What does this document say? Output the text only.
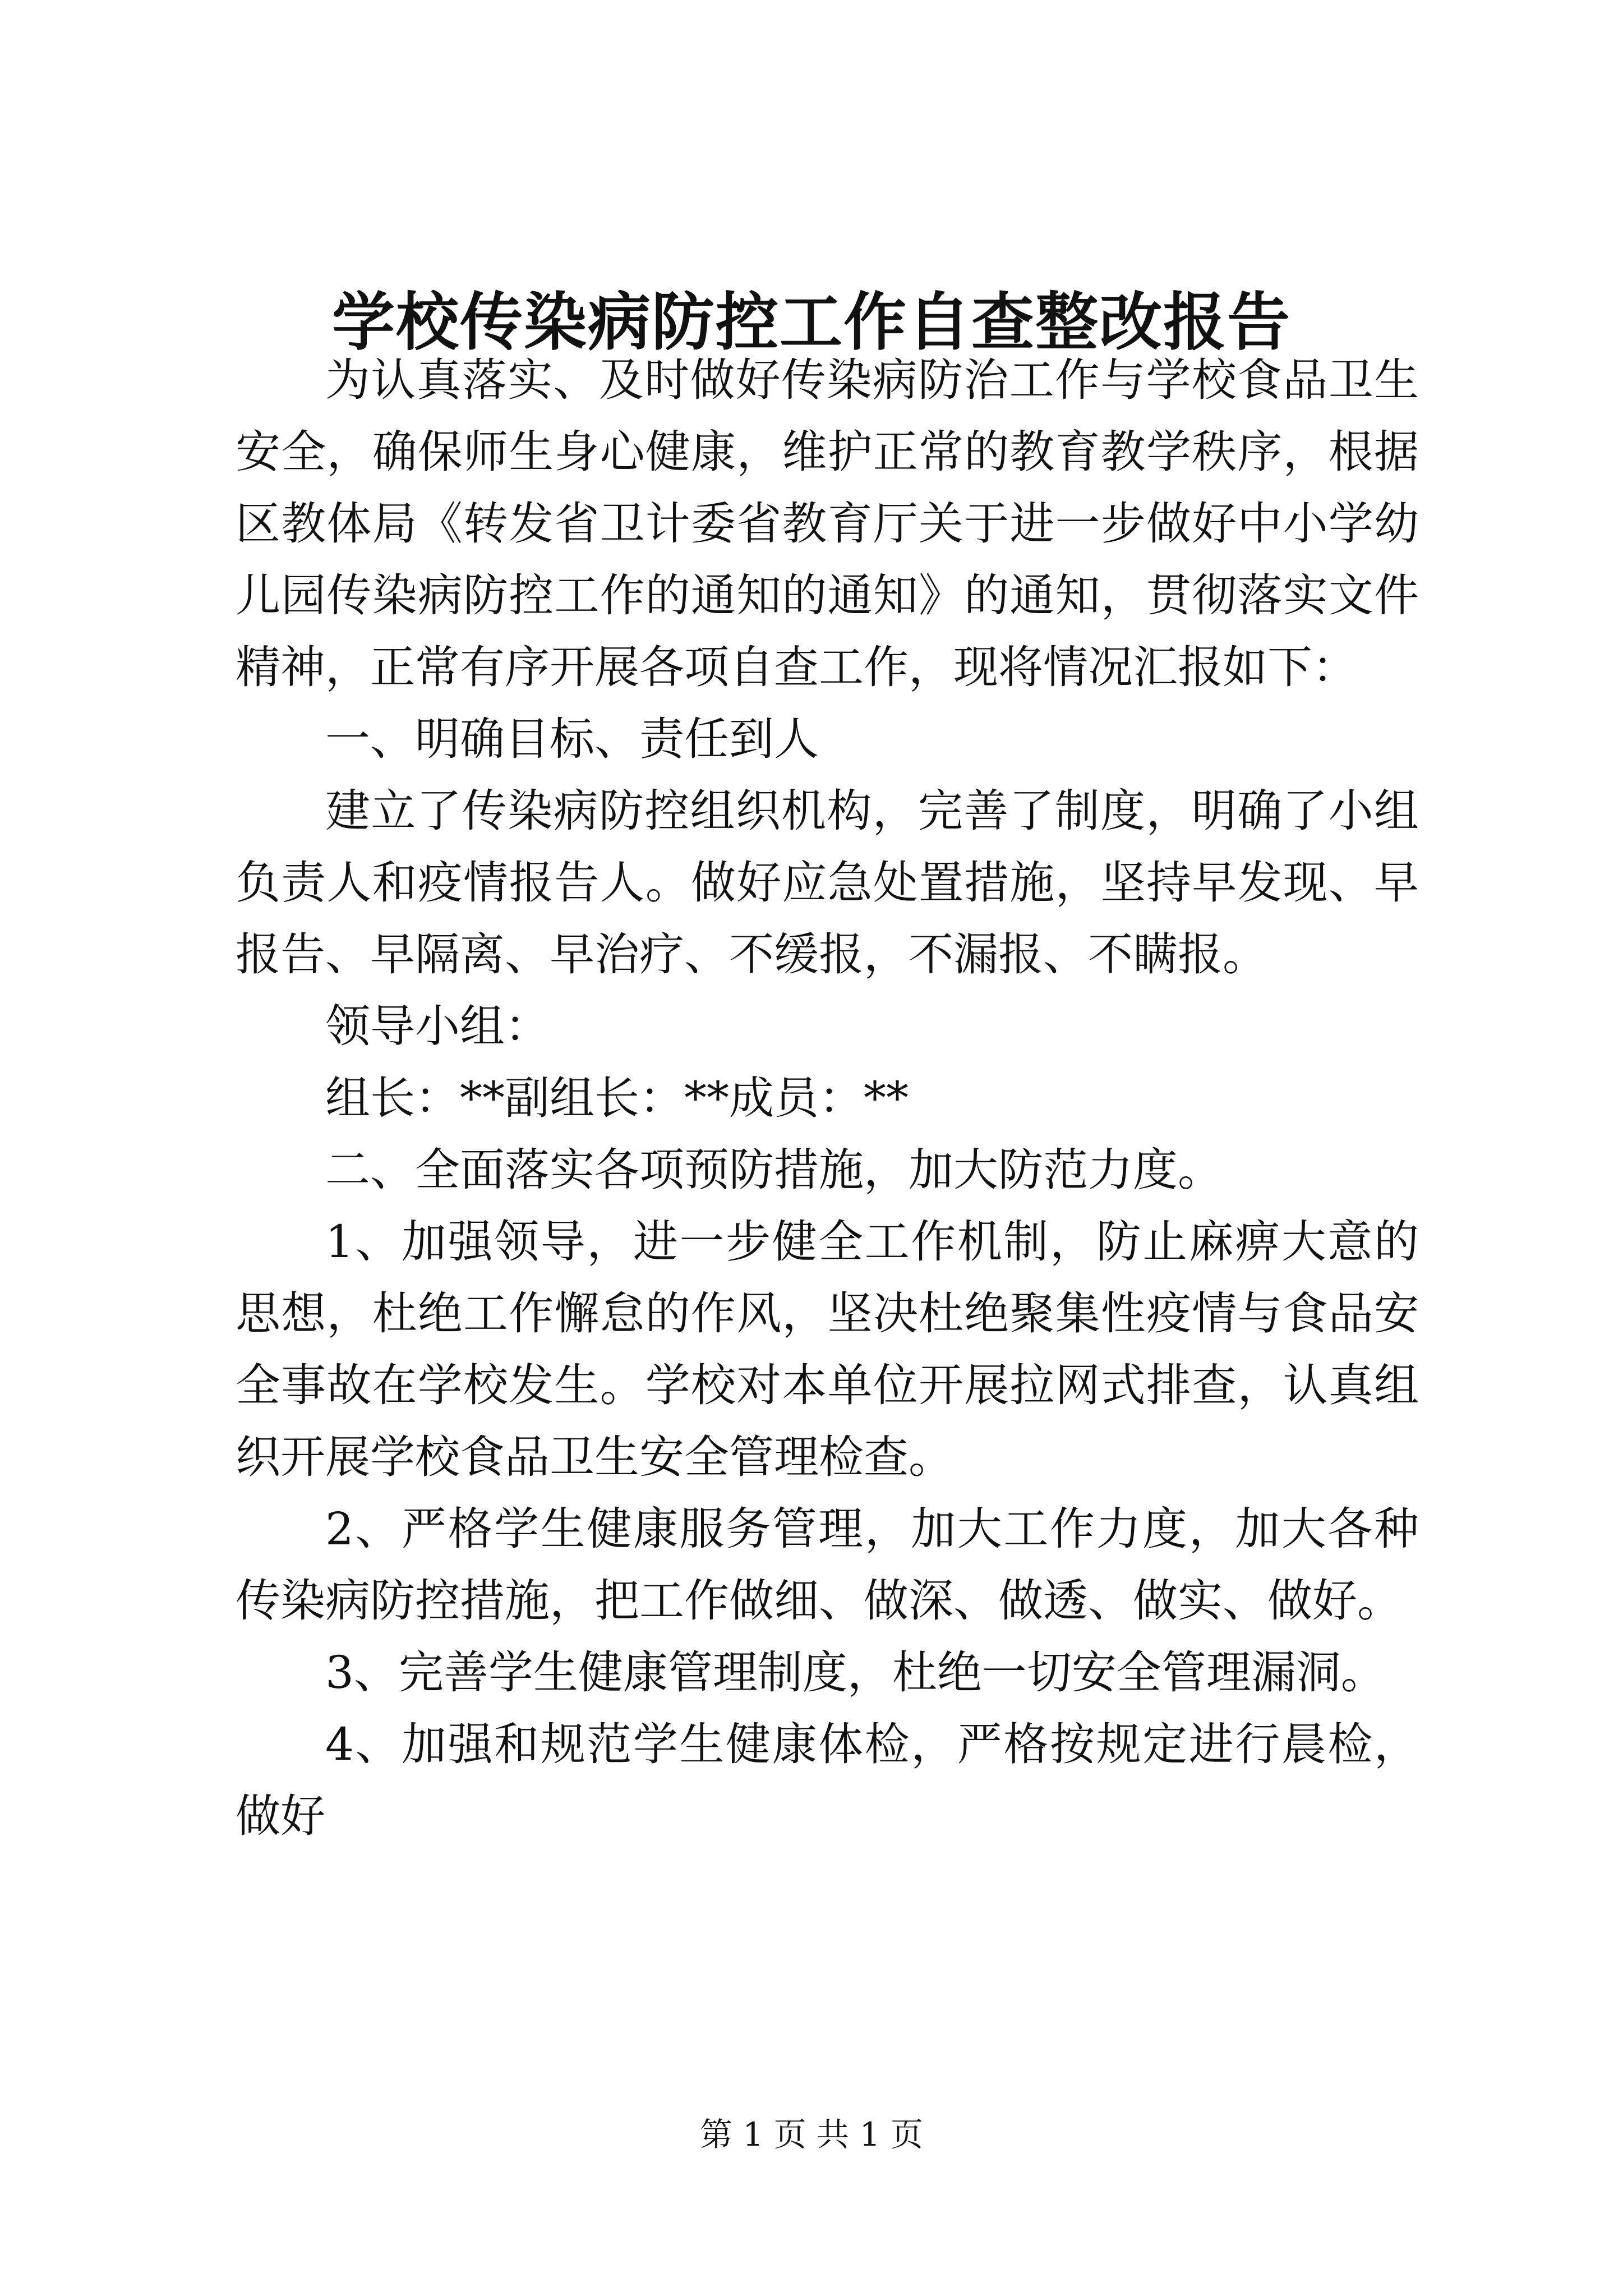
学校传染病防控工作自查整改报告

为认真落实、及时做好传染病防治工作与学校食品卫生安全，确保师生身心健康，维护正常的教育教学秩序，根据区教体局《转发省卫计委省教育厅关于进一步做好中小学幼儿园传染病防控工作的通知的通知》的通知，贯彻落实文件精神，正常有序开展各项自查工作，现将情况汇报如下：

一、明确目标、责任到人

建立了传染病防控组织机构，完善了制度，明确了小组负责人和疫情报告人。做好应急处置措施，坚持早发现、早报告、早隔离、早治疗、不缓报，不漏报、不瞒报。

领导小组：

组长：**副组长：**成员：**

二、全面落实各项预防措施，加大防范力度。

1、加强领导，进一步健全工作机制，防止麻痹大意的思想，杜绝工作懈怠的作风，坚决杜绝聚集性疫情与食品安全事故在学校发生。学校对本单位开展拉网式排查，认真组织开展学校食品卫生安全管理检查。

2、严格学生健康服务管理，加大工作力度，加大各种传染病防控措施，把工作做细、做深、做透、做实、做好。

3、完善学生健康管理制度，杜绝一切安全管理漏洞。

4、加强和规范学生健康体检，严格按规定进行晨检，做好

第 1 页 共 1 页
